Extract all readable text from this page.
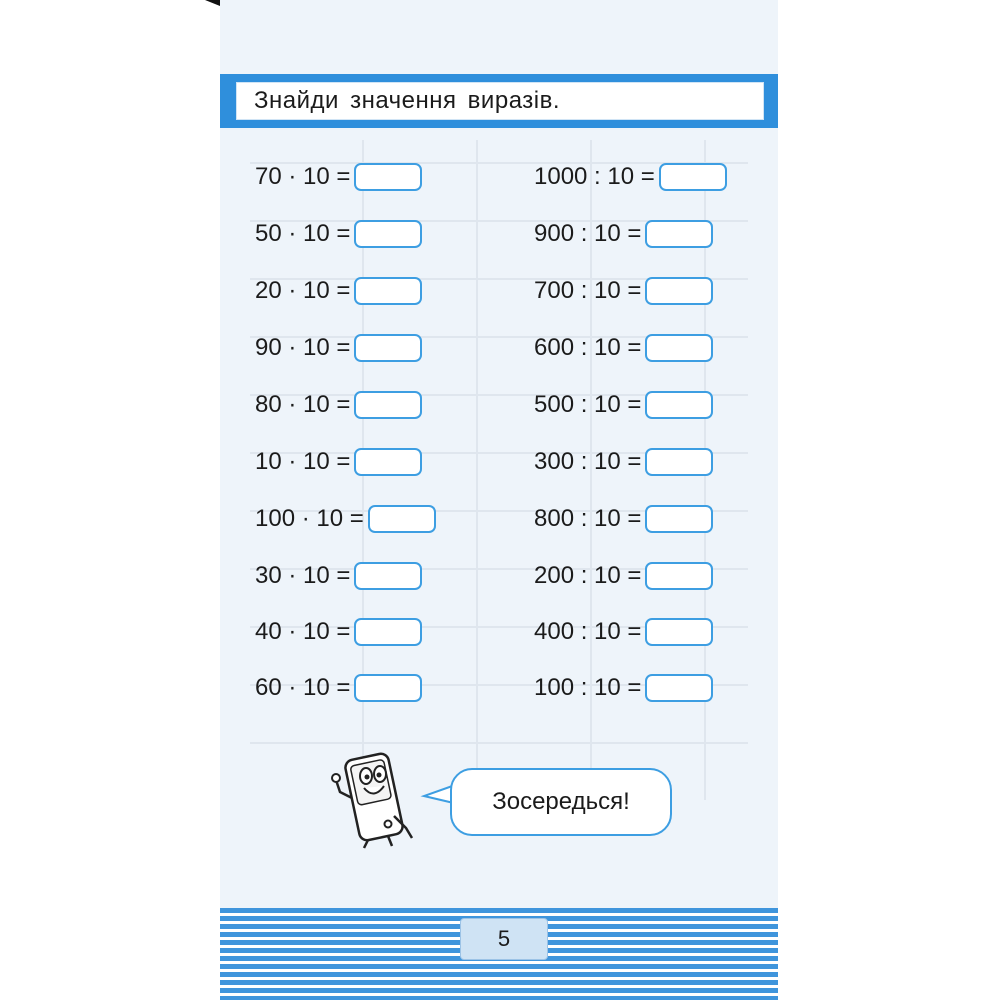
Знайди значення виразів.
70 · 10 =
50 · 10 =
20 · 10 =
90 · 10 =
80 · 10 =
10 · 10 =
100 · 10 =
30 · 10 =
40 · 10 =
60 · 10 =
1000 : 10 =
900 : 10 =
700 : 10 =
600 : 10 =
500 : 10 =
300 : 10 =
800 : 10 =
200 : 10 =
400 : 10 =
100 : 10 =
Зосередься!
5
